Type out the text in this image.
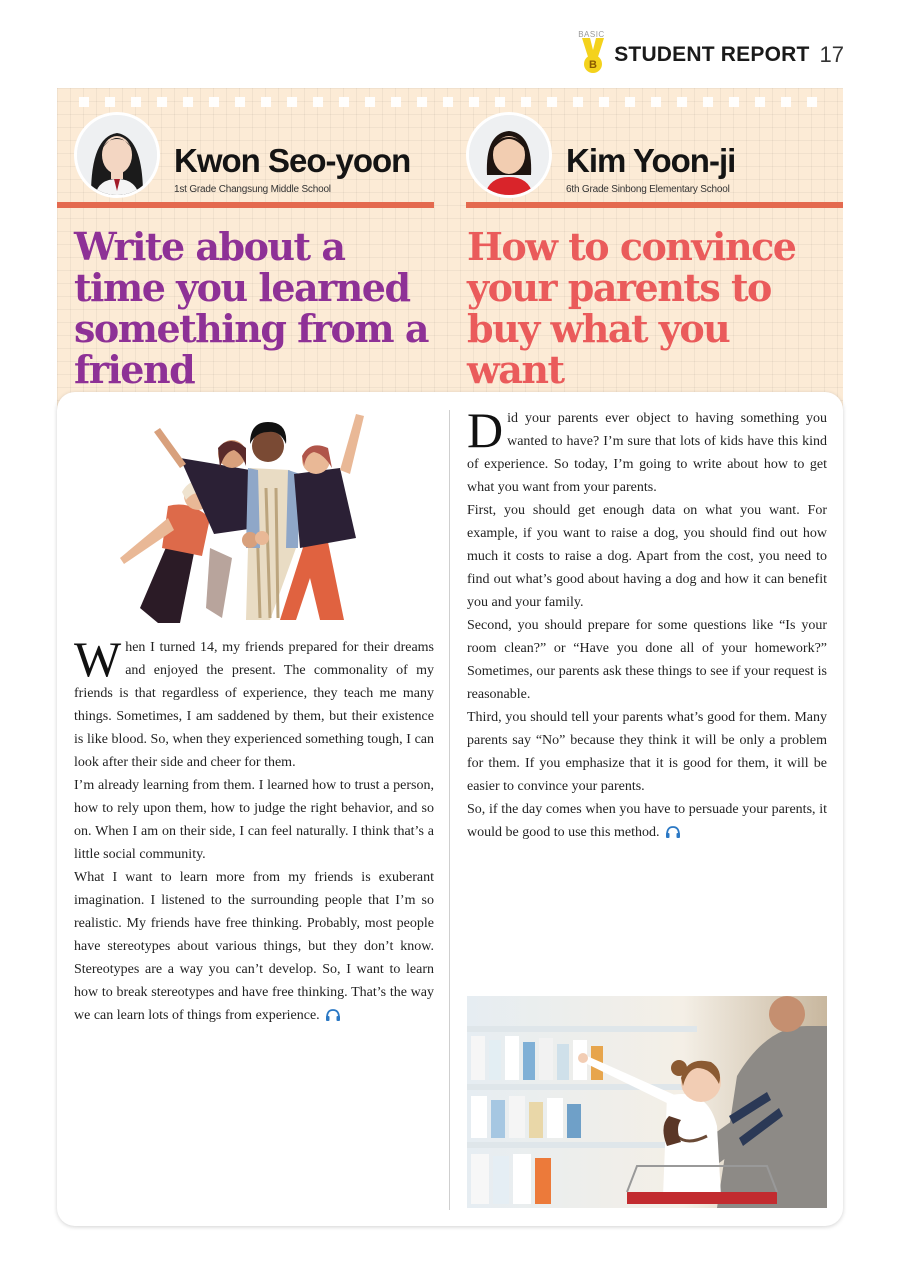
BASIC
B STUDENT REPORT 17
Kwon Seo-yoon
1st Grade Changsung Middle School
Write about a time you learned something from a friend
Kim Yoon-ji
6th Grade Sinbong Elementary School
How to convince your parents to buy what you want

When I turned 14, my friends prepared for their dreams and enjoyed the present. The commonality of my friends is that regardless of experience, they teach me many things. Sometimes, I am saddened by them, but their existence is like blood. So, when they experienced something tough, I can look after their side and cheer for them.

I’m already learning from them. I learned how to trust a person, how to rely upon them, how to judge the right behavior, and so on. When I am on their side, I can feel naturally. I think that’s a little social community.

What I want to learn more from my friends is exuberant imagination. I listened to the surrounding people that I’m so realistic. My friends have free thinking. Probably, most people have stereotypes about various things, but they don’t know. Stereotypes are a way you can’t develop. So, I want to learn how to break stereotypes and have free thinking. That’s the way we can learn lots of things from experience.

Did your parents ever object to having something you wanted to have? I’m sure that lots of kids have this kind of experience. So today, I’m going to write about how to get what you want from your parents.

First, you should get enough data on what you want. For example, if you want to raise a dog, you should find out how much it costs to raise a dog. Apart from the cost, you need to find out what’s good about having a dog and how it can benefit you and your family.

Second, you should prepare for some questions like “Is your room clean?” or “Have you done all of your homework?” Sometimes, our parents ask these things to see if your request is reasonable.

Third, you should tell your parents what’s good for them. Many parents say “No” because they think it will be only a problem for them. If you emphasize that it is good for them, it will be easier to convince your parents.

So, if the day comes when you have to persuade your parents, it would be good to use this method.
